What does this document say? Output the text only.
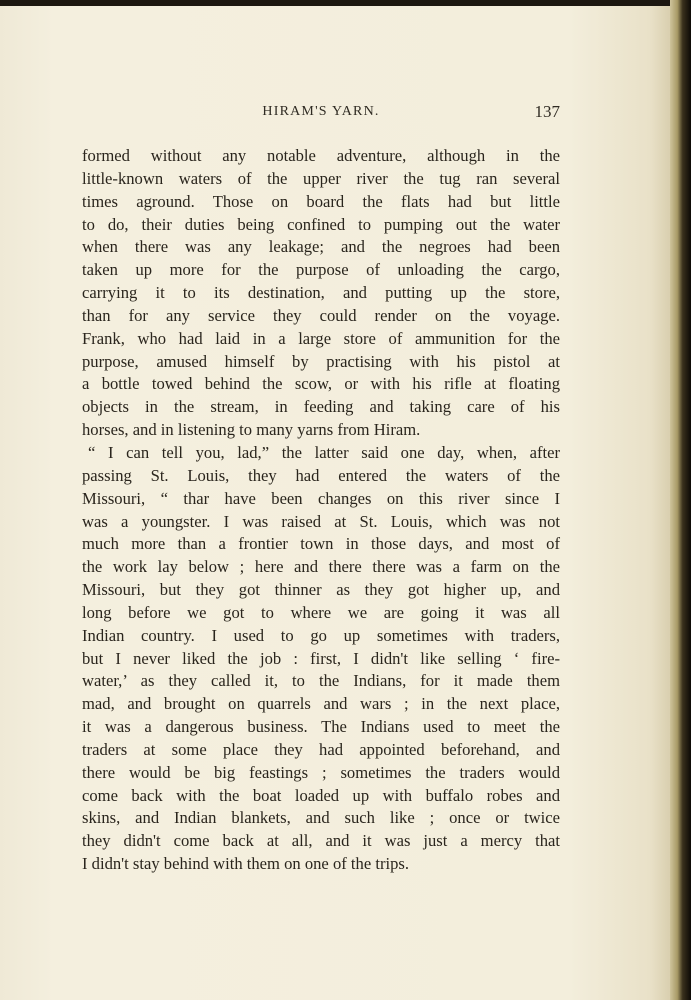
HIRAM'S YARN.	137
formed without any notable adventure, although in the
little-known waters of the upper river the tug ran several
times aground. Those on board the flats had but little
to do, their duties being confined to pumping out the water
when there was any leakage; and the negroes had been
taken up more for the purpose of unloading the cargo,
carrying it to its destination, and putting up the store,
than for any service they could render on the voyage.
Frank, who had laid in a large store of ammunition for the
purpose, amused himself by practising with his pistol at
a bottle towed behind the scow, or with his rifle at floating
objects in the stream, in feeding and taking care of his
horses, and in listening to many yarns from Hiram.
“ I can tell you, lad,” the latter said one day, when, after
passing St. Louis, they had entered the waters of the
Missouri, “ thar have been changes on this river since I
was a youngster. I was raised at St. Louis, which was not
much more than a frontier town in those days, and most of
the work lay below ; here and there there was a farm on the
Missouri, but they got thinner as they got higher up, and
long before we got to where we are going it was all
Indian country. I used to go up sometimes with traders,
but I never liked the job : first, I didn't like selling ‘ fire-
water,’ as they called it, to the Indians, for it made them
mad, and brought on quarrels and wars ; in the next place,
it was a dangerous business. The Indians used to meet the
traders at some place they had appointed beforehand, and
there would be big feastings ; sometimes the traders would
come back with the boat loaded up with buffalo robes and
skins, and Indian blankets, and such like ; once or twice
they didn't come back at all, and it was just a mercy that
I didn't stay behind with them on one of the trips.
